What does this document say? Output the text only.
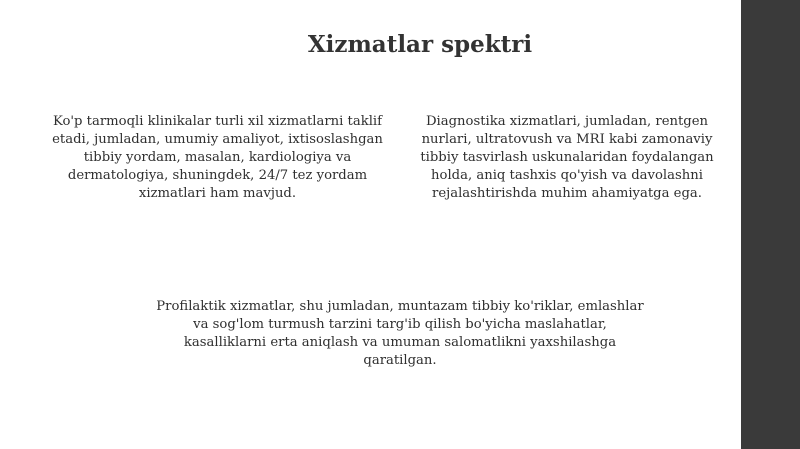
Xizmatlar spektri

Ko'p tarmoqli klinikalar turli xil xizmatlarni taklif etadi, jumladan, umumiy amaliyot, ixtisoslashgan tibbiy yordam, masalan, kardiologiya va dermatologiya, shuningdek, 24/7 tez yordam xizmatlari ham mavjud.

Diagnostika xizmatlari, jumladan, rentgen nurlari, ultratovush va MRI kabi zamonaviy tibbiy tasvirlash uskunalaridan foydalangan holda, aniq tashxis qo'yish va davolashni rejalashtirishda muhim ahamiyatga ega.

Profilaktik xizmatlar, shu jumladan, muntazam tibbiy ko'riklar, emlashlar va sog'lom turmush tarzini targ'ib qilish bo'yicha maslahatlar, kasalliklarni erta aniqlash va umuman salomatlikni yaxshilashga qaratilgan.
